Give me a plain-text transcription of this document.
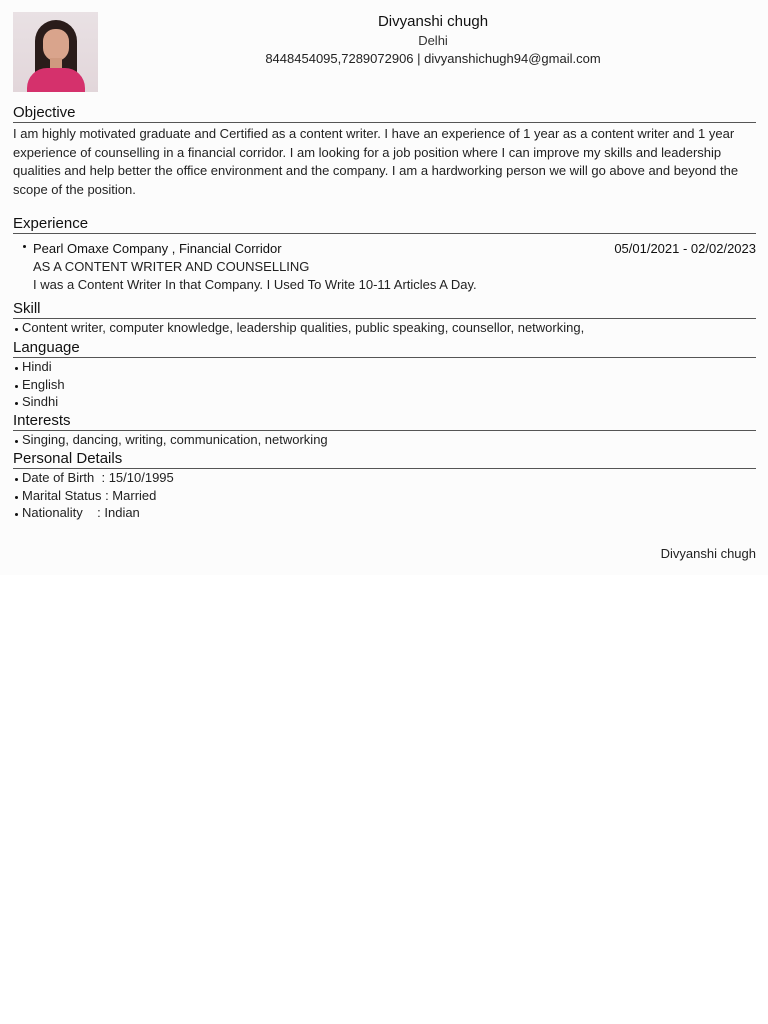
Divyanshi chugh
Delhi
8448454095,7289072906 | divyanshichugh94@gmail.com
Objective
I am highly motivated graduate and Certified as a content writer. I have an experience of 1 year as a content writer and 1 year experience of counselling in a financial corridor. I am looking for a job position where I can improve my skills and leadership qualities and help better the office environment and the company. I am a hardworking person we will go above and beyond the scope of the position.
Experience
Pearl Omaxe Company , Financial Corridor	05/01/2021 - 02/02/2023
AS A CONTENT WRITER AND COUNSELLING
I was a Content Writer In that Company. I Used To Write 10-11 Articles A Day.
Skill
Content writer, computer knowledge, leadership qualities, public speaking, counsellor, networking,
Language
Hindi
English
Sindhi
Interests
Singing, dancing, writing, communication, networking
Personal Details
Date of Birth  : 15/10/1995
Marital Status : Married
Nationality    : Indian
Divyanshi chugh
